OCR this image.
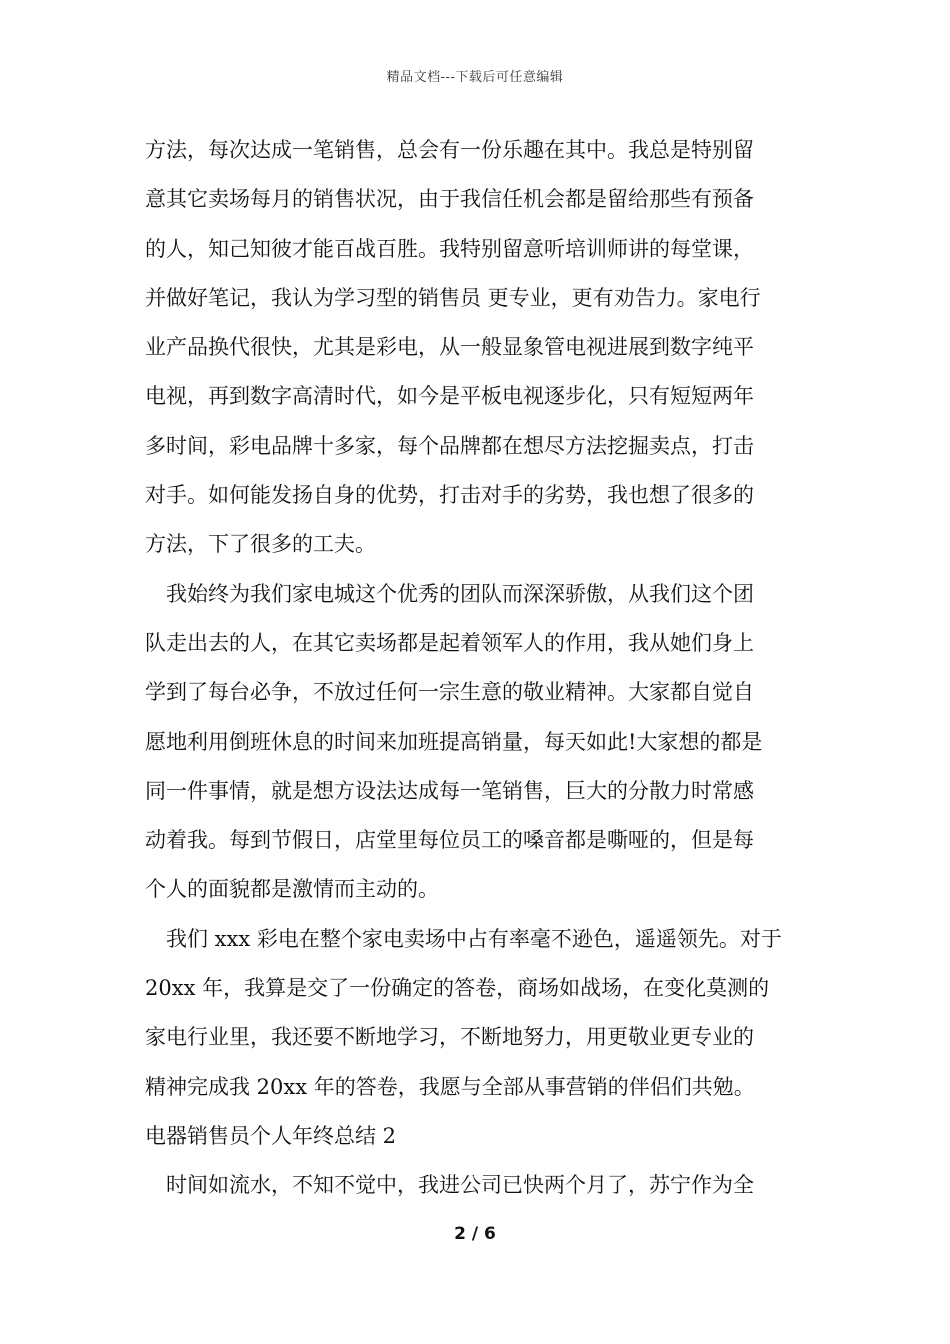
精品文档---下载后可任意编辑
方法，每次达成一笔销售，总会有一份乐趣在其中。我总是特别留
意其它卖场每月的销售状况，由于我信任机会都是留给那些有预备
的人，知己知彼才能百战百胜。我特别留意听培训师讲的每堂课，
并做好笔记，我认为学习型的销售员 更专业，更有劝告力。家电行
业产品换代很快，尤其是彩电，从一般显象管电视进展到数字纯平
电视，再到数字高清时代，如今是平板电视逐步化，只有短短两年
多时间，彩电品牌十多家，每个品牌都在想尽方法挖掘卖点，打击
对手。如何能发扬自身的优势，打击对手的劣势，我也想了很多的
方法，下了很多的工夫。
我始终为我们家电城这个优秀的团队而深深骄傲，从我们这个团
队走出去的人，在其它卖场都是起着领军人的作用，我从她们身上
学到了每台必争，不放过任何一宗生意的敬业精神。大家都自觉自
愿地利用倒班休息的时间来加班提高销量，每天如此!大家想的都是
同一件事情，就是想方设法达成每一笔销售，巨大的分散力时常感
动着我。每到节假日，店堂里每位员工的嗓音都是嘶哑的，但是每
个人的面貌都是激情而主动的。
我们 xxx 彩电在整个家电卖场中占有率毫不逊色，遥遥领先。对于
20xx 年，我算是交了一份确定的答卷，商场如战场，在变化莫测的
家电行业里，我还要不断地学习，不断地努力，用更敬业更专业的
精神完成我 20xx 年的答卷，我愿与全部从事营销的伴侣们共勉。
电器销售员个人年终总结 2
时间如流水，不知不觉中，我进公司已快两个月了，苏宁作为全
2 / 6
